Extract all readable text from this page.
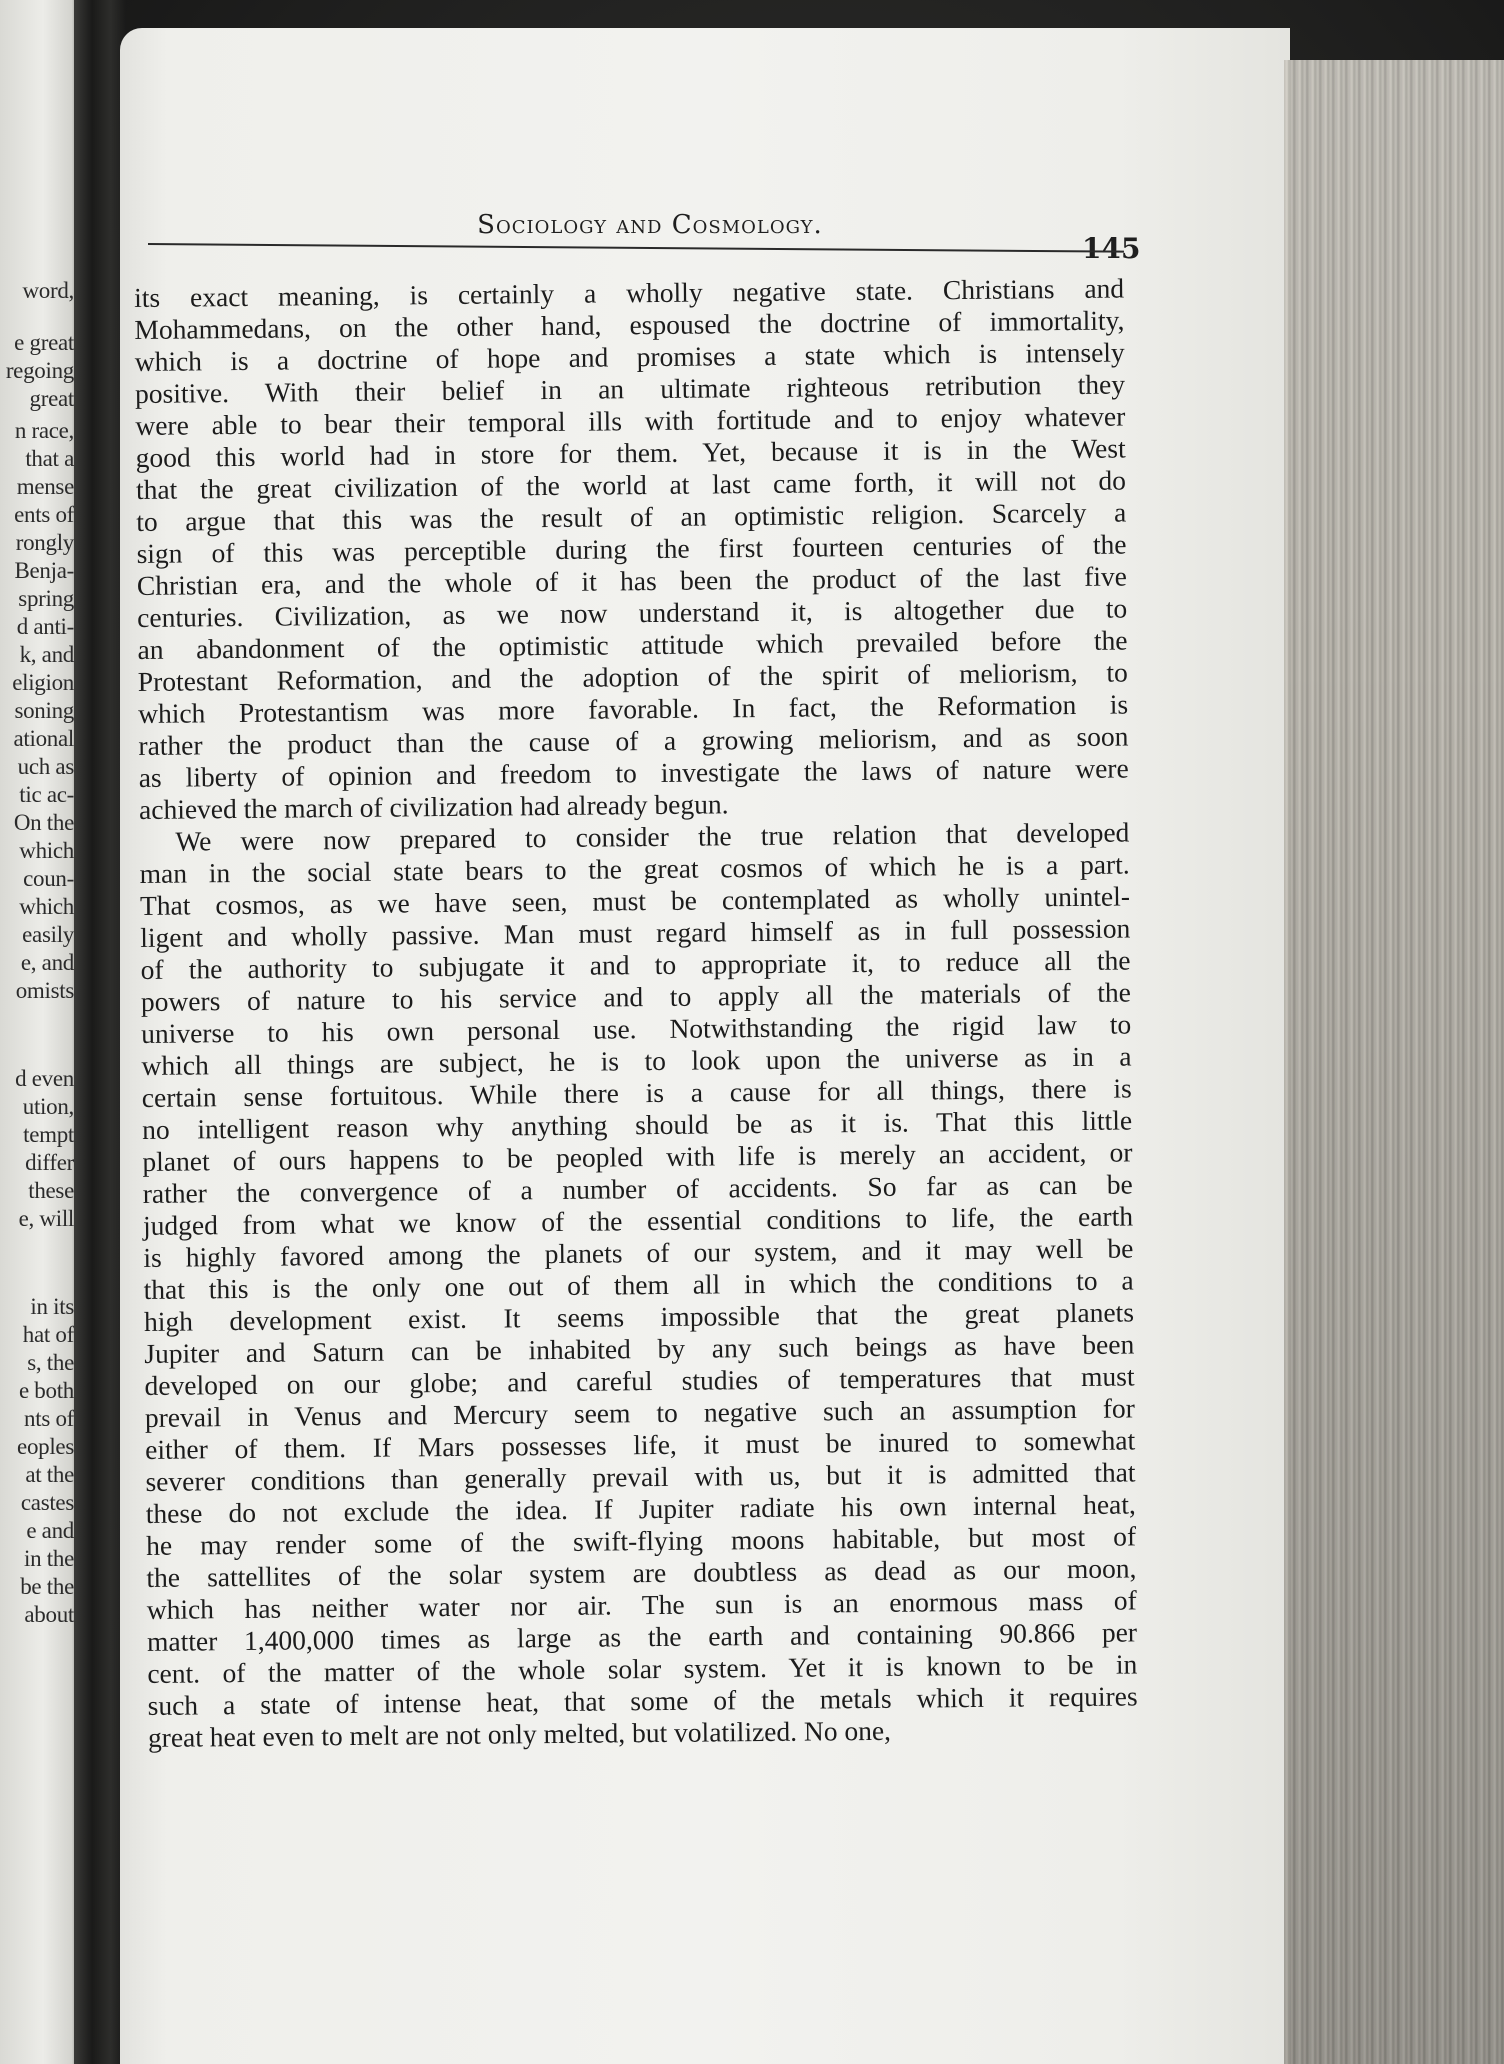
word,
e great
regoing
great
n race,
that a
mense
ents of
rongly
Benja-
spring
d anti-
k, and
eligion
soning
ational
uch as
tic ac-
On the
which
coun-
which
easily
e, and
omists
d even
ution,
tempt
differ
these
e, will
in its
hat of
s, the
e both
nts of
eoples
at the
castes
e and
in the
be the
about
Sociology and Cosmology.
145
its exact meaning, is certainly a wholly negative state. Christians and
Mohammedans, on the other hand, espoused the doctrine of immortality,
which is a doctrine of hope and promises a state which is intensely
positive. With their belief in an ultimate righteous retribution they
were able to bear their temporal ills with fortitude and to enjoy whatever
good this world had in store for them. Yet, because it is in the West
that the great civilization of the world at last came forth, it will not do
to argue that this was the result of an optimistic religion. Scarcely a
sign of this was perceptible during the first fourteen centuries of the
Christian era, and the whole of it has been the product of the last five
centuries. Civilization, as we now understand it, is altogether due to
an abandonment of the optimistic attitude which prevailed before the
Protestant Reformation, and the adoption of the spirit of meliorism, to
which Protestantism was more favorable. In fact, the Reformation is
rather the product than the cause of a growing meliorism, and as soon
as liberty of opinion and freedom to investigate the laws of nature were
achieved the march of civilization had already begun.
We were now prepared to consider the true relation that developed
man in the social state bears to the great cosmos of which he is a part.
That cosmos, as we have seen, must be contemplated as wholly unintel-
ligent and wholly passive. Man must regard himself as in full possession
of the authority to subjugate it and to appropriate it, to reduce all the
powers of nature to his service and to apply all the materials of the
universe to his own personal use. Notwithstanding the rigid law to
which all things are subject, he is to look upon the universe as in a
certain sense fortuitous. While there is a cause for all things, there is
no intelligent reason why anything should be as it is. That this little
planet of ours happens to be peopled with life is merely an accident, or
rather the convergence of a number of accidents. So far as can be
judged from what we know of the essential conditions to life, the earth
is highly favored among the planets of our system, and it may well be
that this is the only one out of them all in which the conditions to a
high development exist. It seems impossible that the great planets
Jupiter and Saturn can be inhabited by any such beings as have been
developed on our globe; and careful studies of temperatures that must
prevail in Venus and Mercury seem to negative such an assumption for
either of them. If Mars possesses life, it must be inured to somewhat
severer conditions than generally prevail with us, but it is admitted that
these do not exclude the idea. If Jupiter radiate his own internal heat,
he may render some of the swift-flying moons habitable, but most of
the sattellites of the solar system are doubtless as dead as our moon,
which has neither water nor air. The sun is an enormous mass of
matter 1,400,000 times as large as the earth and containing 90.866 per
cent. of the matter of the whole solar system. Yet it is known to be in
such a state of intense heat, that some of the metals which it requires
great heat even to melt are not only melted, but volatilized. No one,
